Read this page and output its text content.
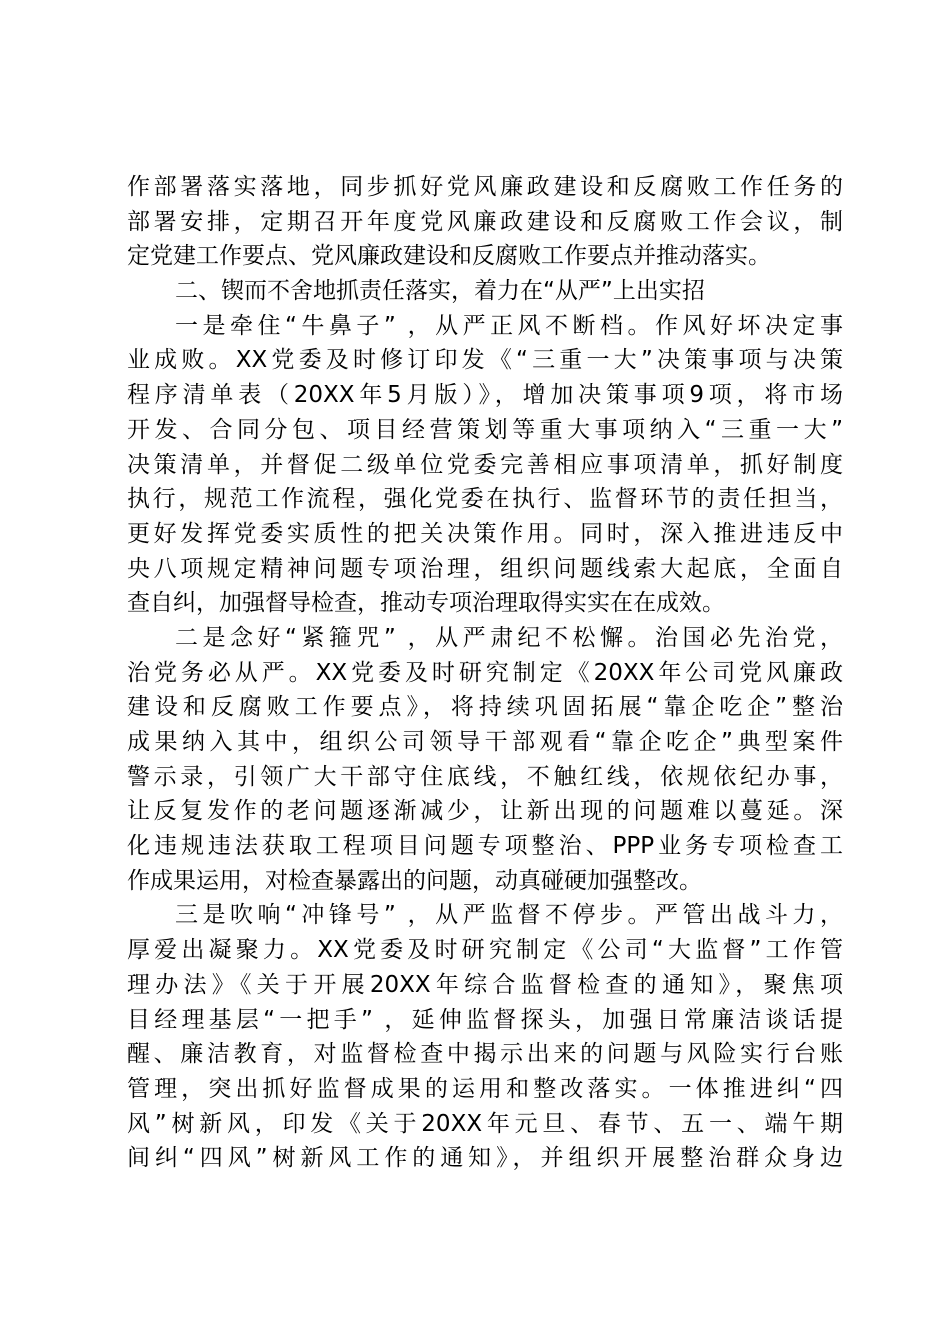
作部署落实落地，同步抓好党风廉政建设和反腐败工作任务的
部署安排，定期召开年度党风廉政建设和反腐败工作会议，制
定党建工作要点、党风廉政建设和反腐败工作要点并推动落实。
二、锲而不舍地抓责任落实，着力在“从严”上出实招
一是牵住“牛鼻子” ，从严正风不断档。作风好坏决定事
业成败。XX党委及时修订印发《“三重一大”决策事项与决策
程序清单表（20XX年5月版）》，增加决策事项9项，将市场
开发、合同分包、项目经营策划等重大事项纳入“三重一大”
决策清单，并督促二级单位党委完善相应事项清单，抓好制度
执行，规范工作流程，强化党委在执行、监督环节的责任担当，
更好发挥党委实质性的把关决策作用。同时，深入推进违反中
央八项规定精神问题专项治理，组织问题线索大起底，全面自
查自纠，加强督导检查，推动专项治理取得实实在在成效。
二是念好“紧箍咒” ，从严肃纪不松懈。治国必先治党，
治党务必从严。XX党委及时研究制定《20XX年公司党风廉政
建设和反腐败工作要点》，将持续巩固拓展“靠企吃企”整治
成果纳入其中，组织公司领导干部观看“靠企吃企”典型案件
警示录，引领广大干部守住底线，不触红线，依规依纪办事，
让反复发作的老问题逐渐减少，让新出现的问题难以蔓延。深
化违规违法获取工程项目问题专项整治、PPP业务专项检查工
作成果运用，对检查暴露出的问题，动真碰硬加强整改。
三是吹响“冲锋号” ，从严监督不停步。严管出战斗力，
厚爱出凝聚力。XX党委及时研究制定《公司“大监督”工作管
理办法》《关于开展20XX年综合监督检查的通知》，聚焦项
目经理基层“一把手” ，延伸监督探头，加强日常廉洁谈话提
醒、廉洁教育，对监督检查中揭示出来的问题与风险实行台账
管理，突出抓好监督成果的运用和整改落实。一体推进纠“四
风”树新风，印发《关于20XX年元旦、春节、五一、端午期
间纠“四风”树新风工作的通知》，并组织开展整治群众身边
